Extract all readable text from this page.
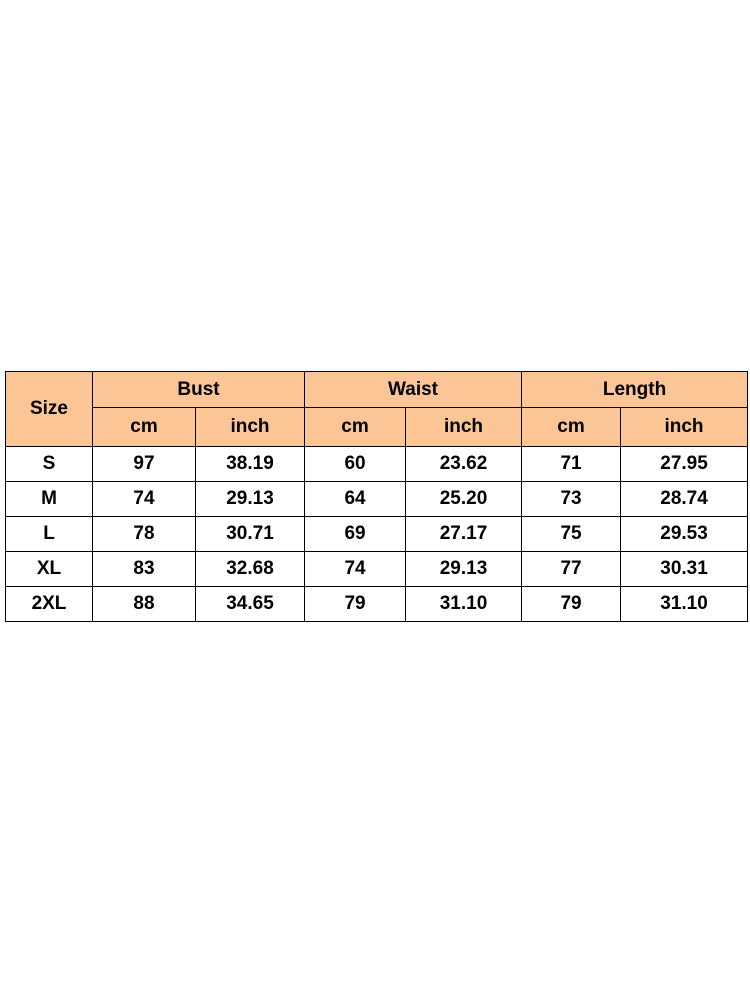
Size	Bust		Waist		Length	
	cm	inch	cm	inch	cm	inch
S	97	38.19	60	23.62	71	27.95
M	74	29.13	64	25.20	73	28.74
L	78	30.71	69	27.17	75	29.53
XL	83	32.68	74	29.13	77	30.31
2XL	88	34.65	79	31.10	79	31.10
